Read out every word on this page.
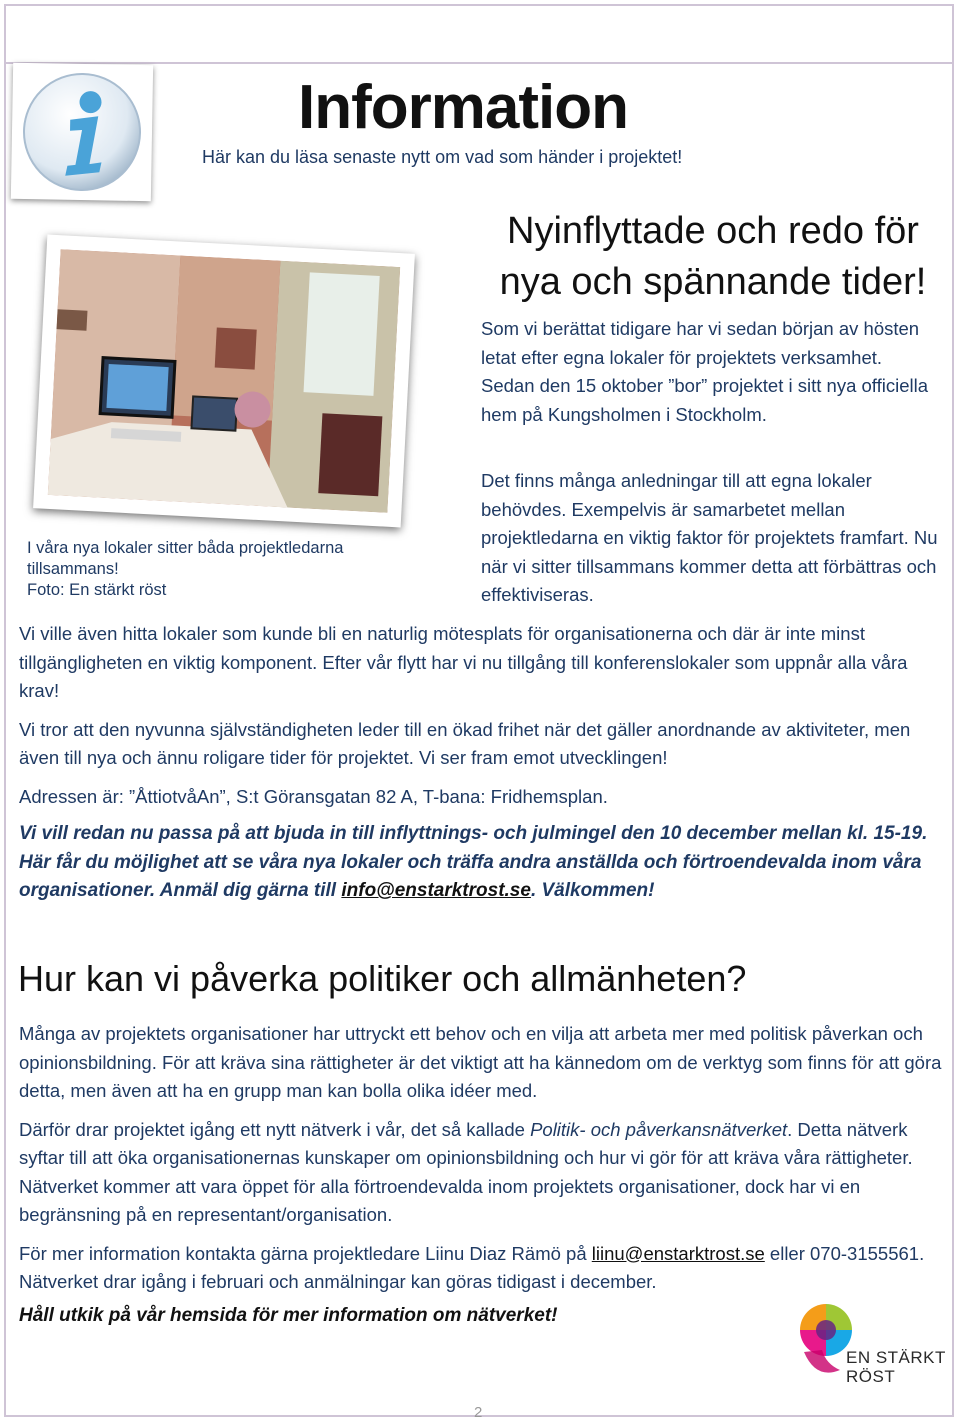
Information

Här kan du läsa senaste nytt om vad som händer i projektet!

I våra nya lokaler sitter båda projektledarna tillsammans!

Foto: En stärkt röst

Nyinflyttade och redo för nya och spännande tider!

Som vi berättat tidigare har vi sedan början av hösten letat efter egna lokaler för projektets verksamhet.

Sedan den 15 oktober ”bor” projektet i sitt nya officiella hem på Kungsholmen i Stockholm.

Det finns många anledningar till att egna lokaler behövdes. Exempelvis är samarbetet mellan projektledarna en viktig faktor för projektets framfart. Nu när vi sitter tillsammans kommer detta att förbättras och effektiviseras.

Vi ville även hitta lokaler som kunde bli en naturlig mötesplats för organisationerna och där är inte minst tillgängligheten en viktig komponent. Efter vår flytt har vi nu tillgång till konferenslokaler som uppnår alla våra krav!

Vi tror att den nyvunna självständigheten leder till en ökad frihet när det gäller anordnande av aktiviteter, men även till nya och ännu roligare tider för projektet. Vi ser fram emot utvecklingen!

Adressen är: ”ÅttiotvåAn”, S:t Göransgatan 82 A, T-bana: Fridhemsplan.

Vi vill redan nu passa på att bjuda in till inflyttnings- och julmingel den 10 december mellan kl. 15-19. Här får du möjlighet att se våra nya lokaler och träffa andra anställda och förtroendevalda inom våra organisationer. Anmäl dig gärna till info@enstarktrost.se. Välkommen!

Hur kan vi påverka politiker och allmänheten?

Många av projektets organisationer har uttryckt ett behov och en vilja att arbeta mer med politisk påverkan och opinionsbildning. För att kräva sina rättigheter är det viktigt att ha kännedom om de verktyg som finns för att göra detta, men även att ha en grupp man kan bolla olika idéer med.

Därför drar projektet igång ett nytt nätverk i vår, det så kallade Politik- och påverkansnätverket. Detta nätverk syftar till att öka organisationernas kunskaper om opinionsbildning och hur vi gör för att kräva våra rättigheter. Nätverket kommer att vara öppet för alla förtroendevalda inom projektets organisationer, dock har vi en begränsning på en representant/organisation.

För mer information kontakta gärna projektledare Liinu Diaz Rämö på liinu@enstarktrost.se eller 070-3155561. Nätverket drar igång i februari och anmälningar kan göras tidigast i december.

Håll utkik på vår hemsida för mer information om nätverket!

EN STÄRKT
RÖST
2
